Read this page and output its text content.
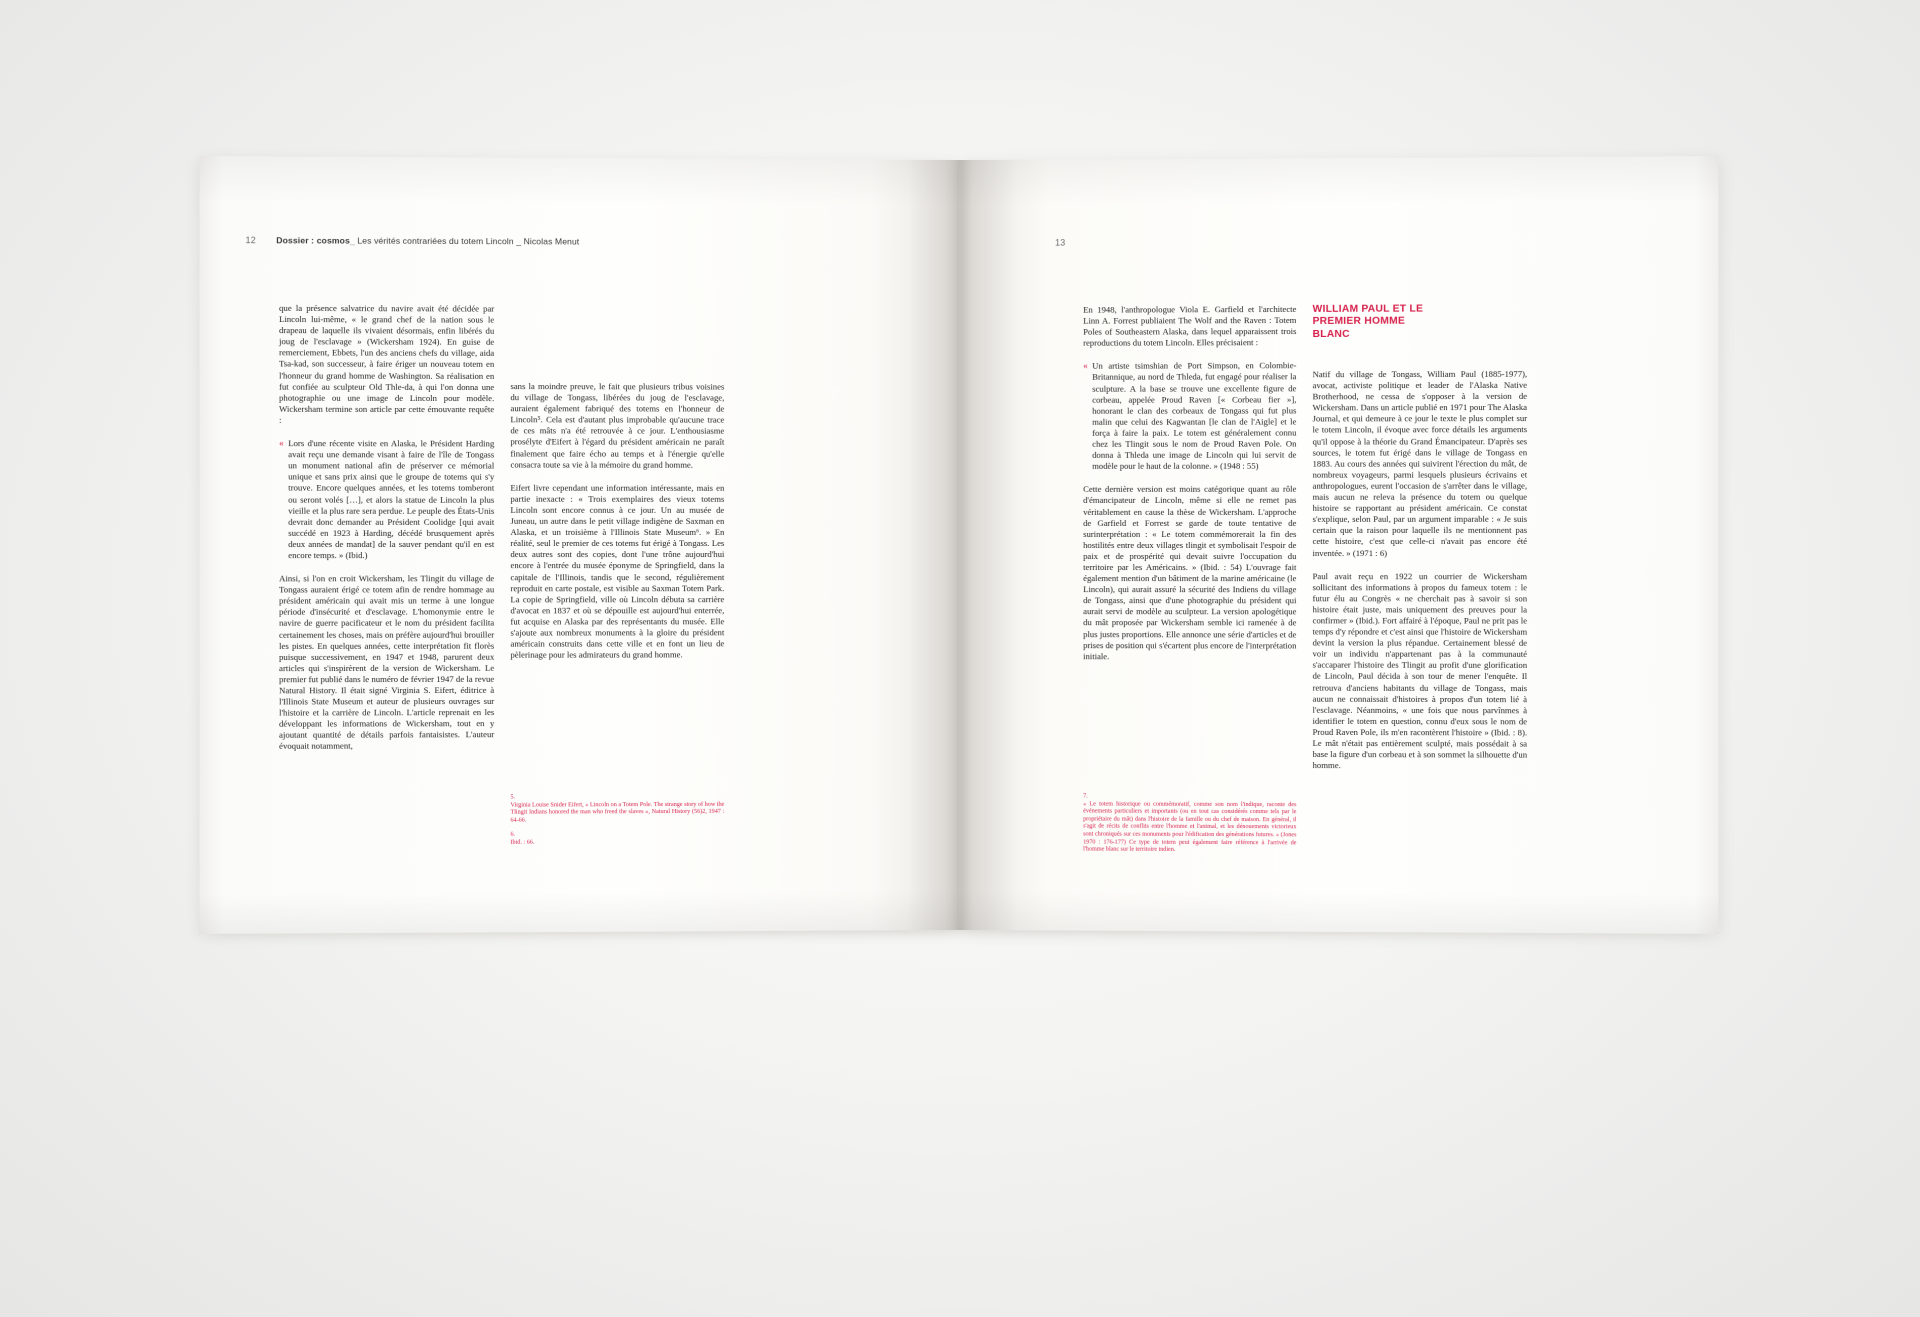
12 Dossier : cosmos_ Les vérités contrariées du totem Lincoln _ Nicolas Menut

que la présence salvatrice du navire avait été décidée par Lincoln lui-même, « le grand chef de la nation sous le drapeau de laquelle ils vivaient désormais, enfin libérés du joug de l'esclavage » (Wickersham 1924). En guise de remerciement, Ebbets, l'un des anciens chefs du village, aida Tsa-kad, son successeur, à faire ériger un nouveau totem en l'honneur du grand homme de Washington. Sa réalisation en fut confiée au sculpteur Old Thle-da, à qui l'on donna une photographie ou une image de Lincoln pour modèle. Wickersham termine son article par cette émouvante requête :

« Lors d'une récente visite en Alaska, le Président Harding avait reçu une demande visant à faire de l'île de Tongass un monument national afin de préserver ce mémorial unique et sans prix ainsi que le groupe de totems qui s'y trouve. Encore quelques années, et les totems tomberont ou seront volés […], et alors la statue de Lincoln la plus vieille et la plus rare sera perdue. Le peuple des États-Unis devrait donc demander au Président Coolidge [qui avait succédé en 1923 à Harding, décédé brusquement après deux années de mandat] de la sauver pendant qu'il en est encore temps. » (Ibid.)

Ainsi, si l'on en croit Wickersham, les Tlingit du village de Tongass auraient érigé ce totem afin de rendre hommage au président américain qui avait mis un terme à une longue période d'insécurité et d'esclavage. L'homonymie entre le navire de guerre pacificateur et le nom du président facilita certainement les choses, mais on préfère aujourd'hui brouiller les pistes. En quelques années, cette interprétation fit florès puisque successivement, en 1947 et 1948, parurent deux articles qui s'inspirèrent de la version de Wickersham. Le premier fut publié dans le numéro de février 1947 de la revue Natural History. Il était signé Virginia S. Eifert, éditrice à l'Illinois State Museum et auteur de plusieurs ouvrages sur l'histoire et la carrière de Lincoln. L'article reprenait en les développant les informations de Wickersham, tout en y ajoutant quantité de détails parfois fantaisistes. L'auteur évoquait notamment,

sans la moindre preuve, le fait que plusieurs tribus voisines du village de Tongass, libérées du joug de l'esclavage, auraient également fabriqué des totems en l'honneur de Lincoln⁵. Cela est d'autant plus improbable qu'aucune trace de ces mâts n'a été retrouvée à ce jour. L'enthousiasme prosélyte d'Eifert à l'égard du président américain ne paraît finalement que faire écho au temps et à l'énergie qu'elle consacra toute sa vie à la mémoire du grand homme.

Eifert livre cependant une information intéressante, mais en partie inexacte : « Trois exemplaires des vieux totems Lincoln sont encore connus à ce jour. Un au musée de Juneau, un autre dans le petit village indigène de Saxman en Alaska, et un troisième à l'Illinois State Museum⁶. » En réalité, seul le premier de ces totems fut érigé à Tongass. Les deux autres sont des copies, dont l'une trône aujourd'hui encore à l'entrée du musée éponyme de Springfield, dans la capitale de l'Illinois, tandis que le second, régulièrement reproduit en carte postale, est visible au Saxman Totem Park. La copie de Springfield, ville où Lincoln débuta sa carrière d'avocat en 1837 et où se dépouille est aujourd'hui enterrée, fut acquise en Alaska par des représentants du musée. Elle s'ajoute aux nombreux monuments à la gloire du président américain construits dans cette ville et en font un lieu de pèlerinage pour les admirateurs du grand homme.

5.
Virginia Louise Snider Eifert, « Lincoln on a Totem Pole. The strange story of how the Tlingit Indians honored the man who freed the slaves », Natural History (56)2, 1947 : 64-66.

6.
Ibid. : 66.

13

En 1948, l'anthropologue Viola E. Garfield et l'architecte Linn A. Forrest publiaient The Wolf and the Raven : Totem Poles of Southeastern Alaska, dans lequel apparaissent trois reproductions du totem Lincoln. Elles précisaient :

« Un artiste tsimshian de Port Simpson, en Colombie-Britannique, au nord de Thleda, fut engagé pour réaliser la sculpture. A la base se trouve une excellente figure de corbeau, appelée Proud Raven [« Corbeau fier »], honorant le clan des corbeaux de Tongass qui fut plus malin que celui des Kagwantan [le clan de l'Aigle] et le força à faire la paix. Le totem est généralement connu chez les Tlingit sous le nom de Proud Raven Pole. On donna à Thleda une image de Lincoln qui lui servit de modèle pour le haut de la colonne. » (1948 : 55)

Cette dernière version est moins catégorique quant au rôle d'émancipateur de Lincoln, même si elle ne remet pas véritablement en cause la thèse de Wickersham. L'approche de Garfield et Forrest se garde de toute tentative de surinterprétation : « Le totem commémorerait la fin des hostilités entre deux villages tlingit et symbolisait l'espoir de paix et de prospérité qui devait suivre l'occupation du territoire par les Américains. » (Ibid. : 54) L'ouvrage fait également mention d'un bâtiment de la marine américaine (le Lincoln), qui aurait assuré la sécurité des Indiens du village de Tongass, ainsi que d'une photographie du président qui aurait servi de modèle au sculpteur. La version apologétique du mât proposée par Wickersham semble ici ramenée à de plus justes proportions. Elle annonce une série d'articles et de prises de position qui s'écartent plus encore de l'interprétation initiale.

7.
« Le totem historique ou commémoratif, comme son nom l'indique, raconte des événements particuliers et importants (ou en tout cas considérés comme tels par le propriétaire du mât) dans l'histoire de la famille ou du chef de maison. En général, il s'agit de récits de conflits entre l'homme et l'animal, et les dénouements victorieux sont chroniqués sur ces monuments pour l'édification des générations futures. » (Jones 1970 : 176-177) Ce type de totem peut également faire référence à l'arrivée de l'homme blanc sur le territoire indien.

WILLIAM PAUL ET LE PREMIER HOMME BLANC

Natif du village de Tongass, William Paul (1885-1977), avocat, activiste politique et leader de l'Alaska Native Brotherhood, ne cessa de s'opposer à la version de Wickersham. Dans un article publié en 1971 pour The Alaska Journal, et qui demeure à ce jour le texte le plus complet sur le totem Lincoln, il évoque avec force détails les arguments qu'il oppose à la théorie du Grand Émancipateur. D'après ses sources, le totem fut érigé dans le village de Tongass en 1883. Au cours des années qui suivirent l'érection du mât, de nombreux voyageurs, parmi lesquels plusieurs écrivains et anthropologues, eurent l'occasion de s'arrêter dans le village, mais aucun ne releva la présence du totem ou quelque histoire se rapportant au président américain. Ce constat s'explique, selon Paul, par un argument imparable : « Je suis certain que la raison pour laquelle ils ne mentionnent pas cette histoire, c'est que celle-ci n'avait pas encore été inventée. » (1971 : 6)

Paul avait reçu en 1922 un courrier de Wickersham sollicitant des informations à propos du fameux totem : le futur élu au Congrès « ne cherchait pas à savoir si son histoire était juste, mais uniquement des preuves pour la confirmer » (Ibid.). Fort affairé à l'époque, Paul ne prit pas le temps d'y répondre et c'est ainsi que l'histoire de Wickersham devint la version la plus répandue. Certainement blessé de voir un individu n'appartenant pas à la communauté s'accaparer l'histoire des Tlingit au profit d'une glorification de Lincoln, Paul décida à son tour de mener l'enquête. Il retrouva d'anciens habitants du village de Tongass, mais aucun ne connaissait d'histoires à propos d'un totem lié à l'esclavage. Néanmoins, « une fois que nous parvînmes à identifier le totem en question, connu d'eux sous le nom de Proud Raven Pole, ils m'en racontèrent l'histoire » (Ibid. : 8). Le mât n'était pas entièrement sculpté, mais possédait à sa base la figure d'un corbeau et à son sommet la silhouette d'un homme.
